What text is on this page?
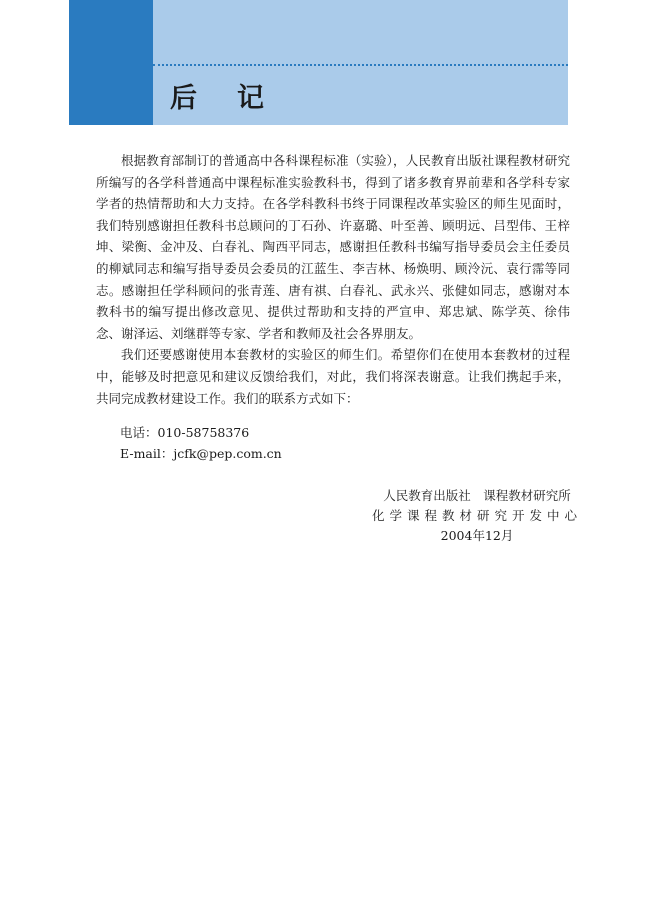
后记

根据教育部制订的普通高中各科课程标准（实验），人民教育出版社课程教材研究所编写的各学科普通高中课程标准实验教科书，得到了诸多教育界前辈和各学科专家学者的热情帮助和大力支持。在各学科教科书终于同课程改革实验区的师生见面时，我们特别感谢担任教科书总顾问的丁石孙、许嘉璐、叶至善、顾明远、吕型伟、王梓坤、梁衡、金冲及、白春礼、陶西平同志，感谢担任教科书编写指导委员会主任委员的柳斌同志和编写指导委员会委员的江蓝生、李吉林、杨焕明、顾泠沅、袁行霈等同志。感谢担任学科顾问的张青莲、唐有祺、白春礼、武永兴、张健如同志，感谢对本教科书的编写提出修改意见、提供过帮助和支持的严宣申、郑忠斌、陈学英、徐伟念、谢泽运、刘继群等专家、学者和教师及社会各界朋友。

我们还要感谢使用本套教材的实验区的师生们。希望你们在使用本套教材的过程中，能够及时把意见和建议反馈给我们，对此，我们将深表谢意。让我们携起手来，共同完成教材建设工作。我们的联系方式如下：

电话：010-58758376
E-mail：jcfk@pep.com.cn
人民教育出版社　课程教材研究所
化学课程教材研究开发中心
2004年12月
